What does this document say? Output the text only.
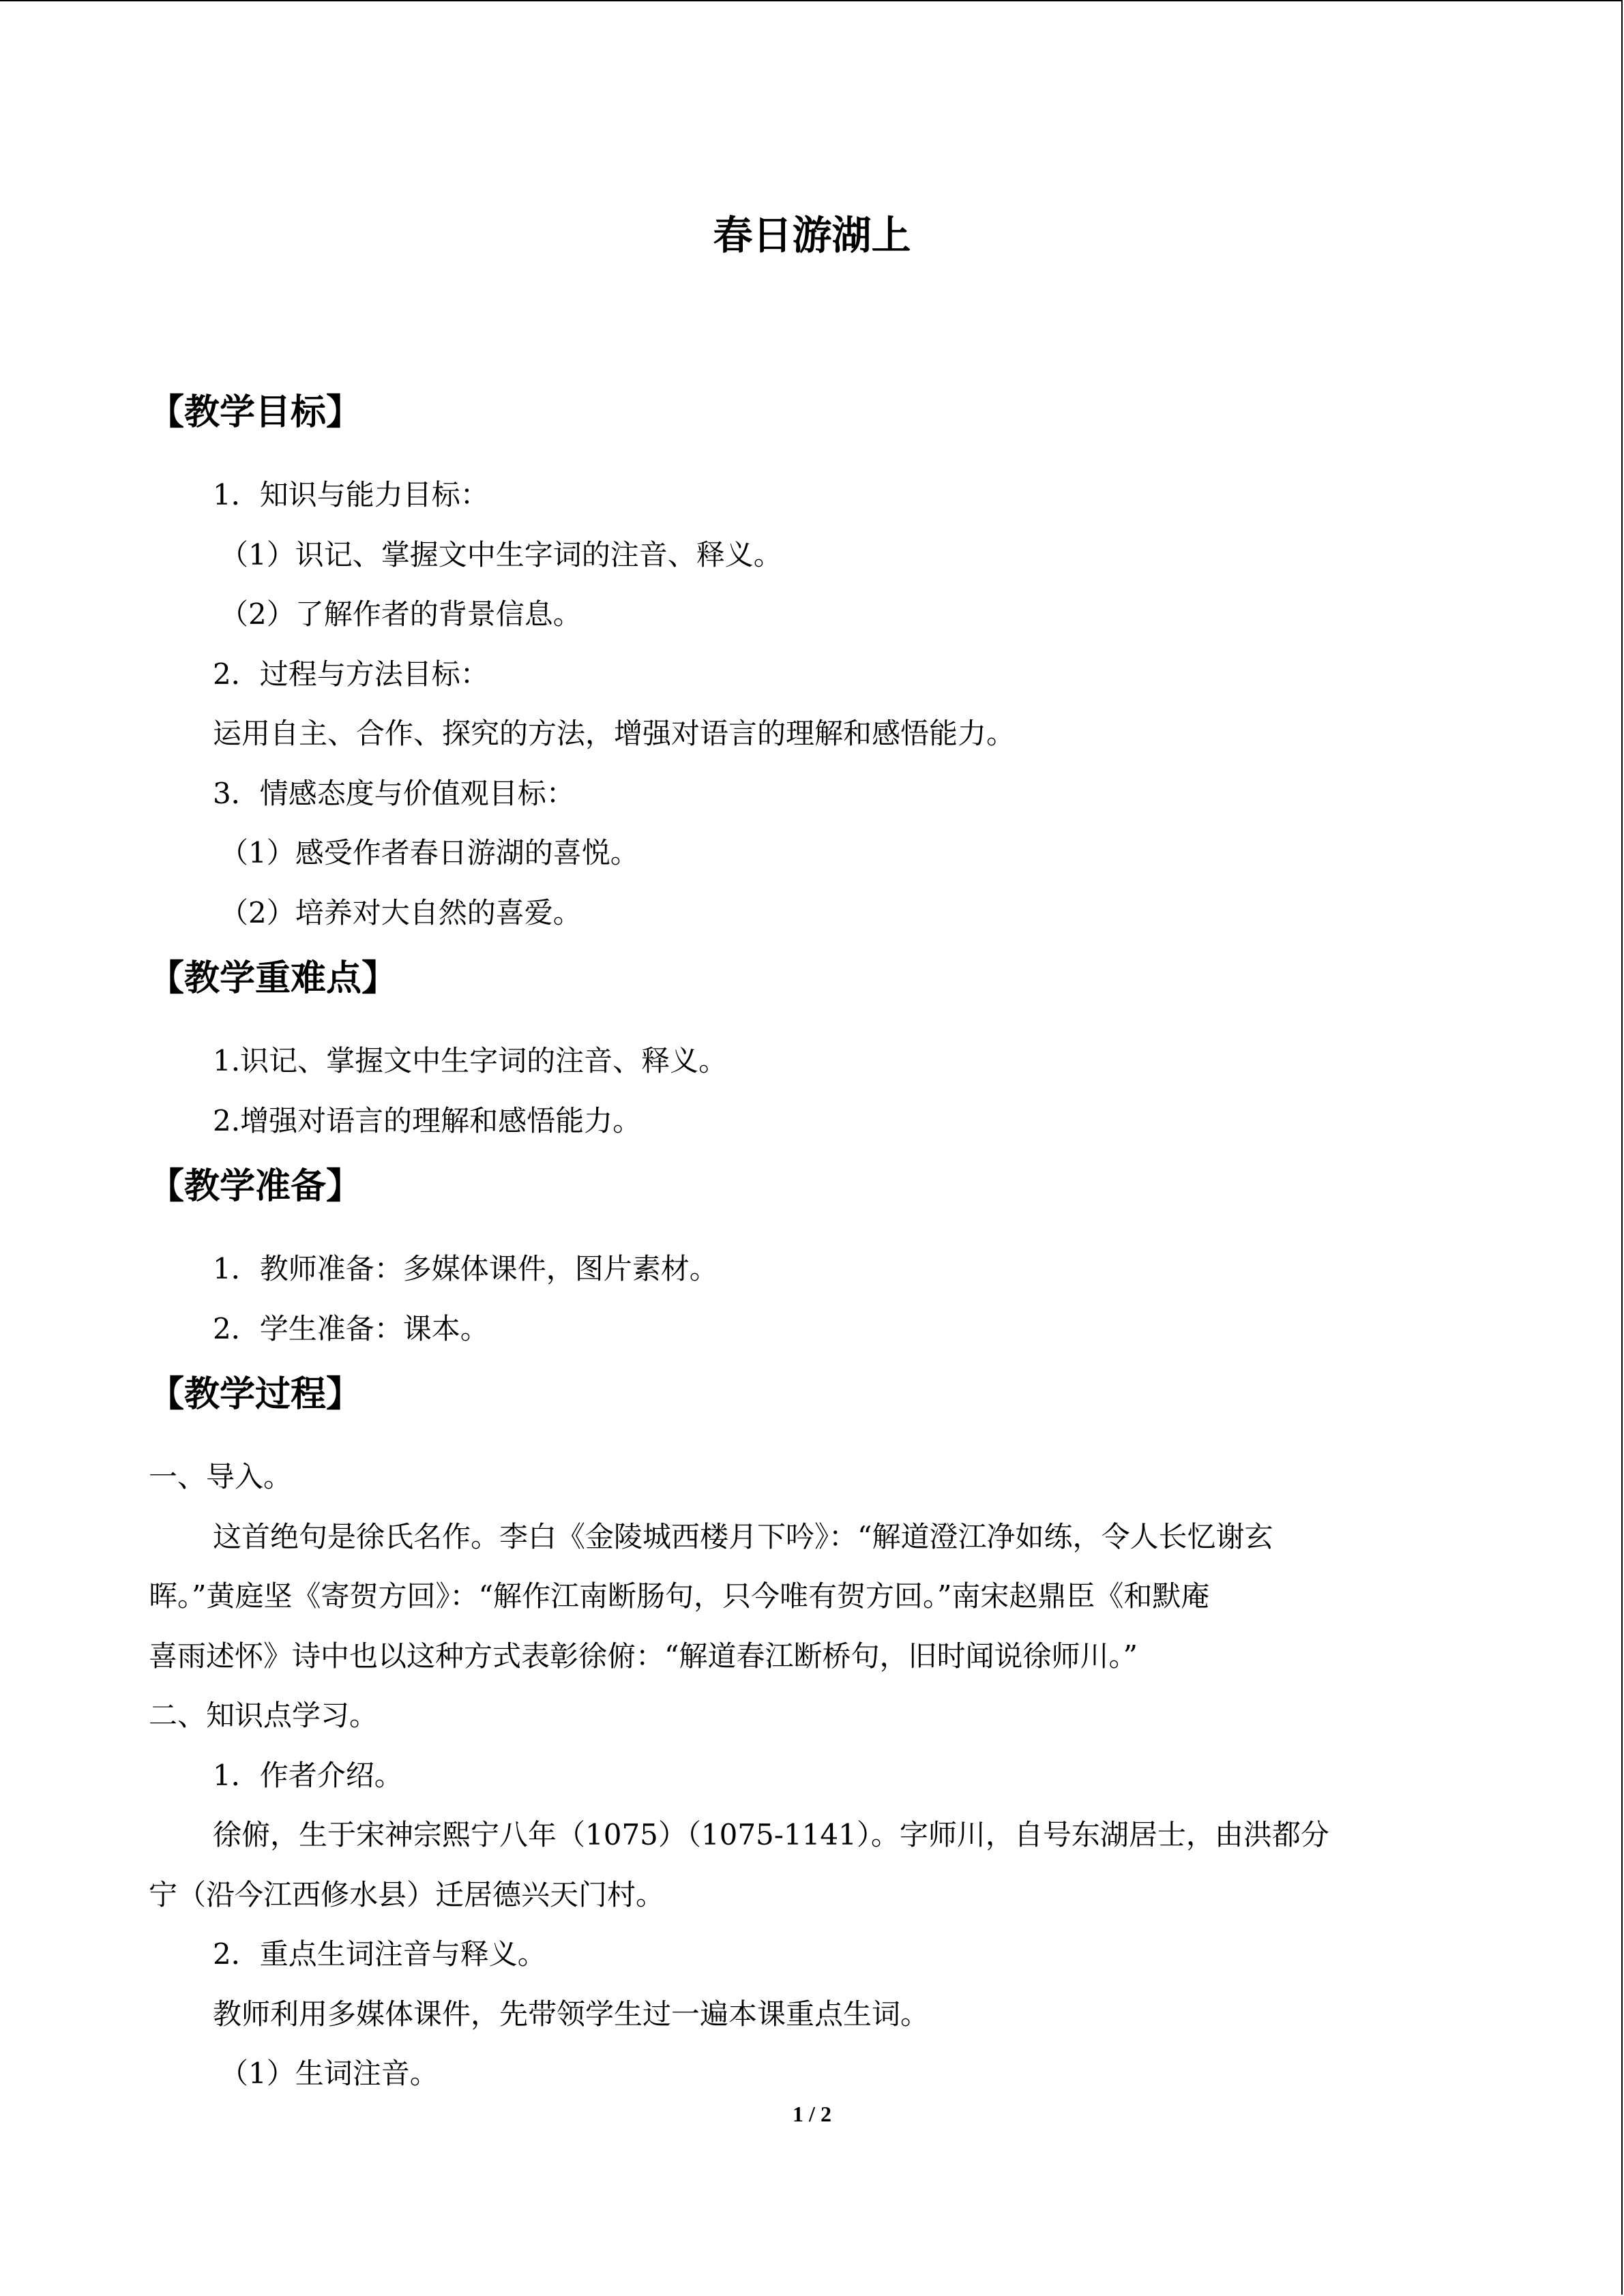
春日游湖上
【教学目标】
1．知识与能力目标：
（1）识记、掌握文中生字词的注音、释义。
（2）了解作者的背景信息。
2．过程与方法目标：
运用自主、合作、探究的方法，增强对语言的理解和感悟能力。
3．情感态度与价值观目标：
（1）感受作者春日游湖的喜悦。
（2）培养对大自然的喜爱。
【教学重难点】
1.识记、掌握文中生字词的注音、释义。
2.增强对语言的理解和感悟能力。
【教学准备】
1．教师准备：多媒体课件，图片素材。
2．学生准备：课本。
【教学过程】
一、导入。
这首绝句是徐氏名作。李白《金陵城西楼月下吟》：“解道澄江净如练，令人长忆谢玄
晖。”黄庭坚《寄贺方回》：“解作江南断肠句，只今唯有贺方回。”南宋赵鼎臣《和默庵
喜雨述怀》诗中也以这种方式表彰徐俯：“解道春江断桥句，旧时闻说徐师川。”
二、知识点学习。
1．作者介绍。
徐俯，生于宋神宗熙宁八年（1075）（1075-1141）。字师川，自号东湖居士，由洪都分
宁（沿今江西修水县）迁居德兴天门村。
2．重点生词注音与释义。
教师利用多媒体课件，先带领学生过一遍本课重点生词。
（1）生词注音。
1 / 2
